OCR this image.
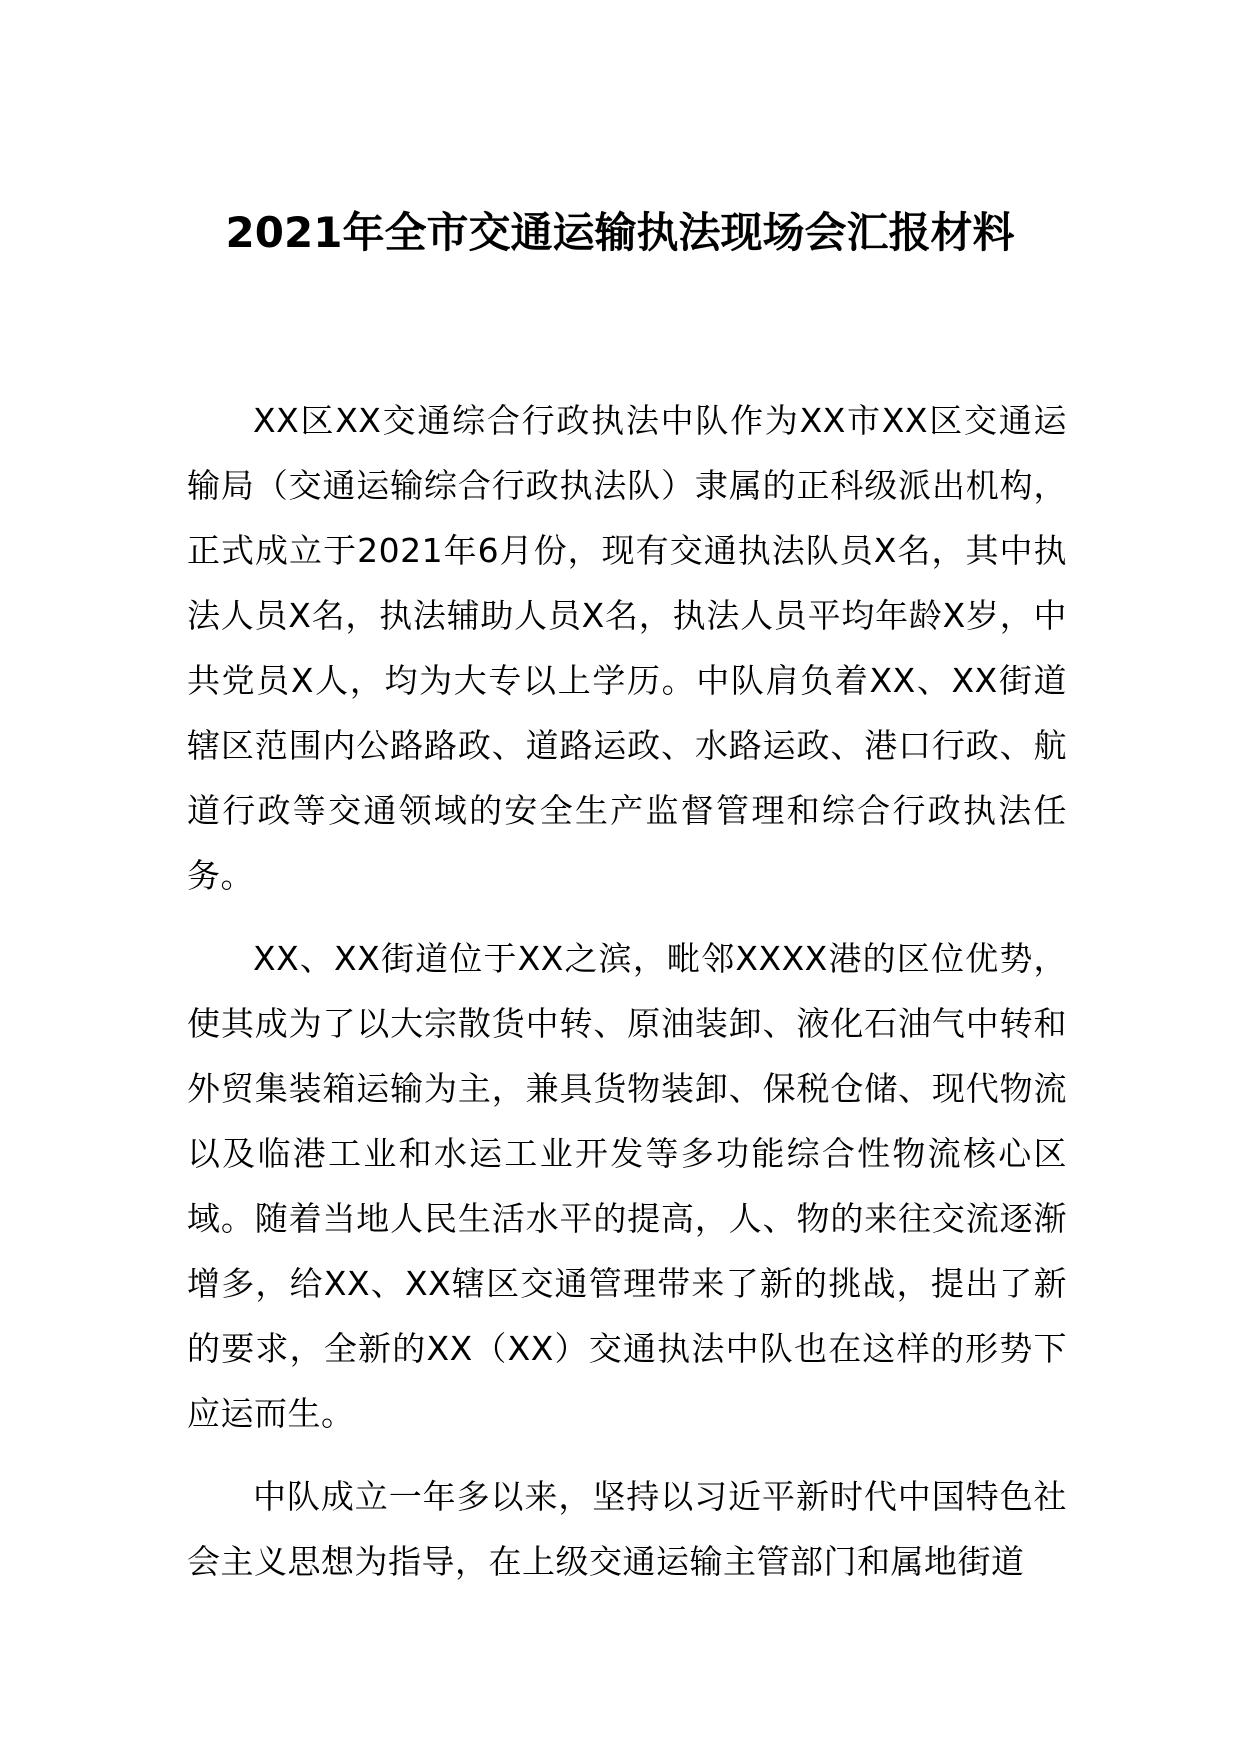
2021年全市交通运输执法现场会汇报材料

XX区XX交通综合行政执法中队作为XX市XX区交通运输局（交通运输综合行政执法队）隶属的正科级派出机构，正式成立于2021年6月份，现有交通执法队员X名，其中执法人员X名，执法辅助人员X名，执法人员平均年龄X岁，中共党员X人，均为大专以上学历。中队肩负着XX、XX街道辖区范围内公路路政、道路运政、水路运政、港口行政、航道行政等交通领域的安全生产监督管理和综合行政执法任务。

XX、XX街道位于XX之滨，毗邻XXXX港的区位优势，使其成为了以大宗散货中转、原油装卸、液化石油气中转和外贸集装箱运输为主，兼具货物装卸、保税仓储、现代物流以及临港工业和水运工业开发等多功能综合性物流核心区域。随着当地人民生活水平的提高，人、物的来往交流逐渐增多，给XX、XX辖区交通管理带来了新的挑战，提出了新的要求，全新的XX（XX）交通执法中队也在这样的形势下应运而生。

中队成立一年多以来，坚持以习近平新时代中国特色社会主义思想为指导，在上级交通运输主管部门和属地街道
